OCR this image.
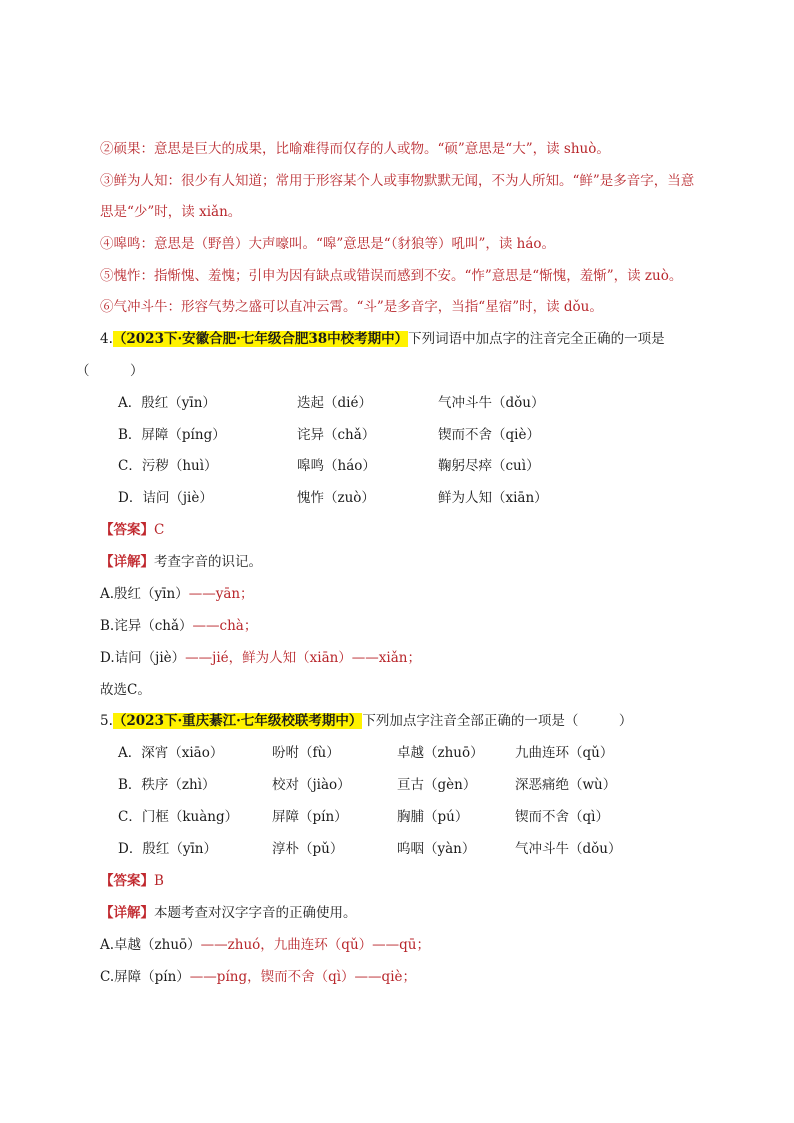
②硕果：意思是巨大的成果，比喻难得而仅存的人或物。“硕”意思是“大”，读 shuò。
③鲜为人知：很少有人知道；常用于形容某个人或事物默默无闻，不为人所知。“鲜”是多音字，当意
思是“少”时，读 xiǎn。
④嗥鸣：意思是（野兽）大声嚎叫。“嗥”意思是“（豺狼等）吼叫”，读 háo。
⑤愧怍：指惭愧、羞愧；引申为因有缺点或错误而感到不安。“怍”意思是“惭愧，羞惭”，读 zuò。
⑥气冲斗牛：形容气势之盛可以直冲云霄。“斗”是多音字，当指“星宿”时，读 dǒu。
4.（2023下·安徽合肥·七年级合肥38中校考期中）下列词语中加点字的注音完全正确的一项是
（　　　）
A．殷红（yīn）	迭起（dié）	气冲斗牛（dǒu）
B．屏障（píng）	诧异（chǎ）	锲而不舍（qiè）
C．污秽（huì）	嗥鸣（háo）	鞠躬尽瘁（cuì）
D．诘问（jiè）	愧怍（zuò）	鲜为人知（xiān）
【答案】C
【详解】考查字音的识记。
A.殷红（yīn）——yān；
B.诧异（chǎ）——chà；
D.诘问（jiè）——jié，鲜为人知（xiān）——xiǎn；
故选C。
5.（2023下·重庆綦江·七年级校联考期中）下列加点字注音全部正确的一项是（　　　）
A．深宵（xiāo）	吩咐（fù）	卓越（zhuō） 九曲连环（qǔ）
B．秩序（zhì）	校对（jiào）	亘古（gèn）	深恶痛绝（wù）
C．门框（kuàng）	屏障（pín）	胸脯（pú）	锲而不舍（qì）
D．殷红（yīn）	淳朴（pǔ）	呜咽（yàn）	气冲斗牛（dǒu）
【答案】B
【详解】本题考查对汉字字音的正确使用。
A.卓越（zhuō）——zhuó，九曲连环（qǔ）——qū；
C.屏障（pín）——píng，锲而不舍（qì）——qiè；
